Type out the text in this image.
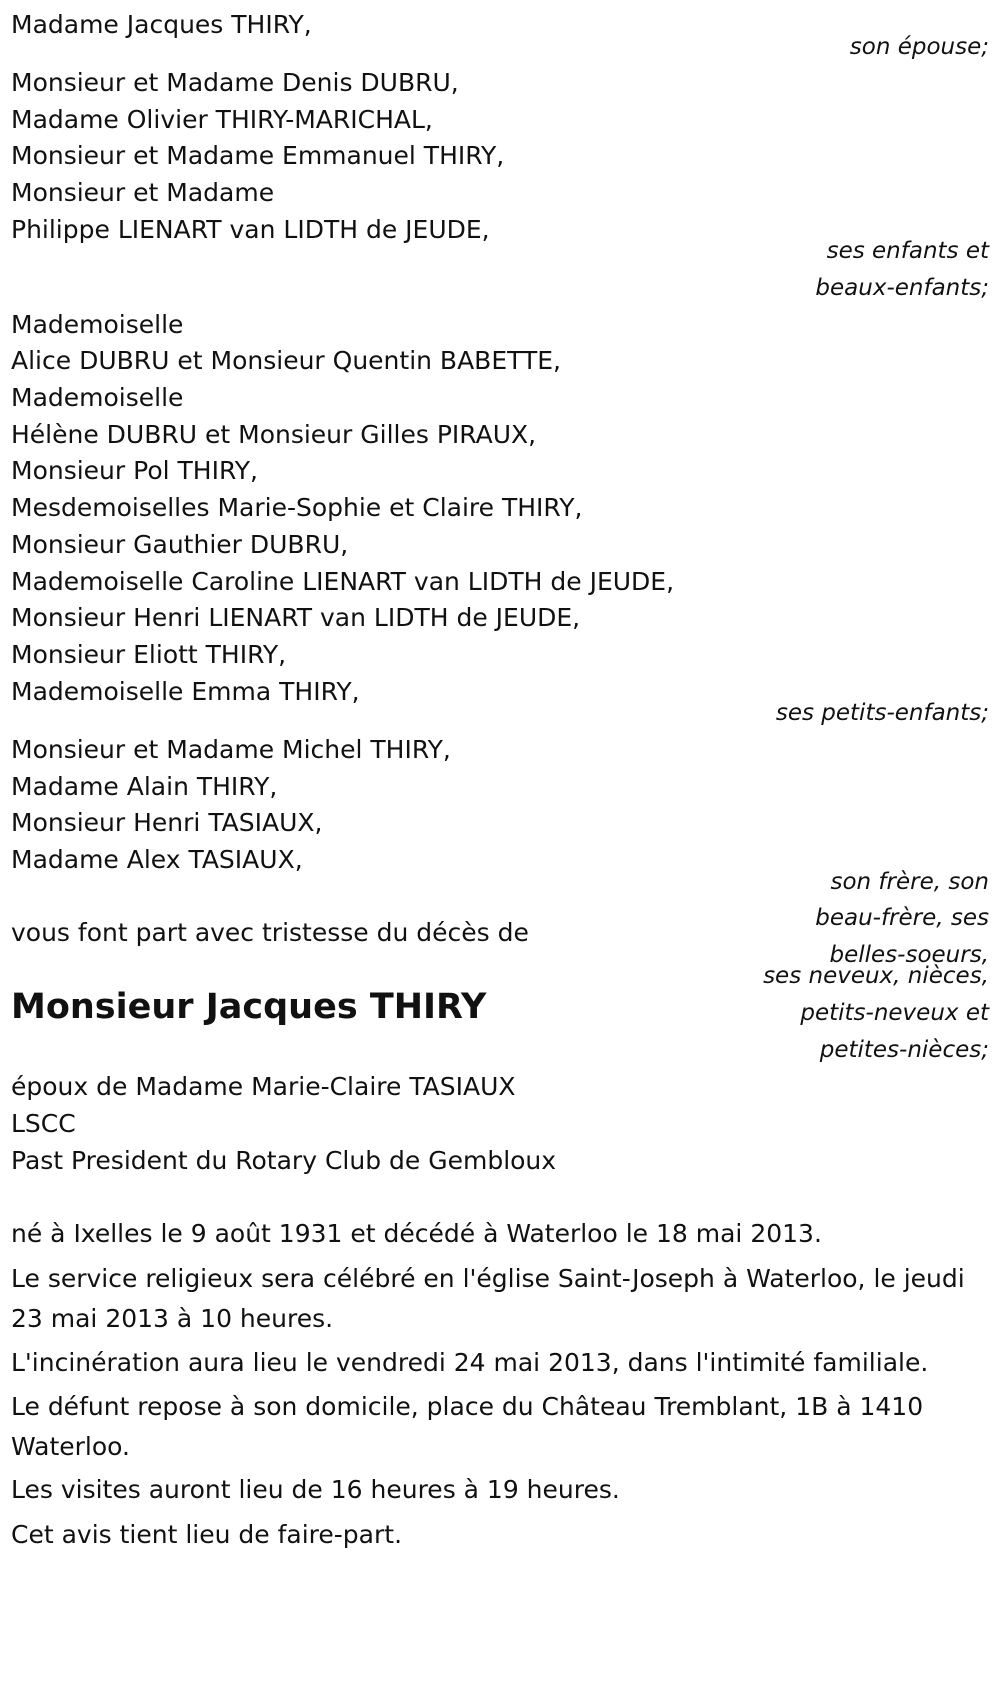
Madame Jacques THIRY,
son épouse;
Monsieur et Madame Denis DUBRU,
Madame Olivier THIRY-MARICHAL,
Monsieur et Madame Emmanuel THIRY,
Monsieur et Madame
Philippe LIENART van LIDTH de JEUDE,
ses enfants et
beaux-enfants;
Mademoiselle
Alice DUBRU et Monsieur Quentin BABETTE,
Mademoiselle
Hélène DUBRU et Monsieur Gilles PIRAUX,
Monsieur Pol THIRY,
Mesdemoiselles Marie-Sophie et Claire THIRY,
Monsieur Gauthier DUBRU,
Mademoiselle Caroline LIENART van LIDTH de JEUDE,
Monsieur Henri LIENART van LIDTH de JEUDE,
Monsieur Eliott THIRY,
Mademoiselle Emma THIRY,
ses petits-enfants;
Monsieur et Madame Michel THIRY,
Madame Alain THIRY,
Monsieur Henri TASIAUX,
Madame Alex TASIAUX,
son frère, son
beau-frère, ses
belles-soeurs,
vous font part avec tristesse du décès de
ses neveux, nièces,
petits-neveux et
petites-nièces;
Monsieur Jacques THIRY
époux de Madame Marie-Claire TASIAUX
LSCC
Past President du Rotary Club de Gembloux
né à Ixelles le 9 août 1931 et décédé à Waterloo le 18 mai 2013.
Le service religieux sera célébré en l'église Saint-Joseph à Waterloo, le jeudi 23 mai 2013 à 10 heures.
L'incinération aura lieu le vendredi 24 mai 2013, dans l'intimité familiale.
Le défunt repose à son domicile, place du Château Tremblant, 1B à 1410 Waterloo.
Les visites auront lieu de 16 heures à 19 heures.
Cet avis tient lieu de faire-part.
